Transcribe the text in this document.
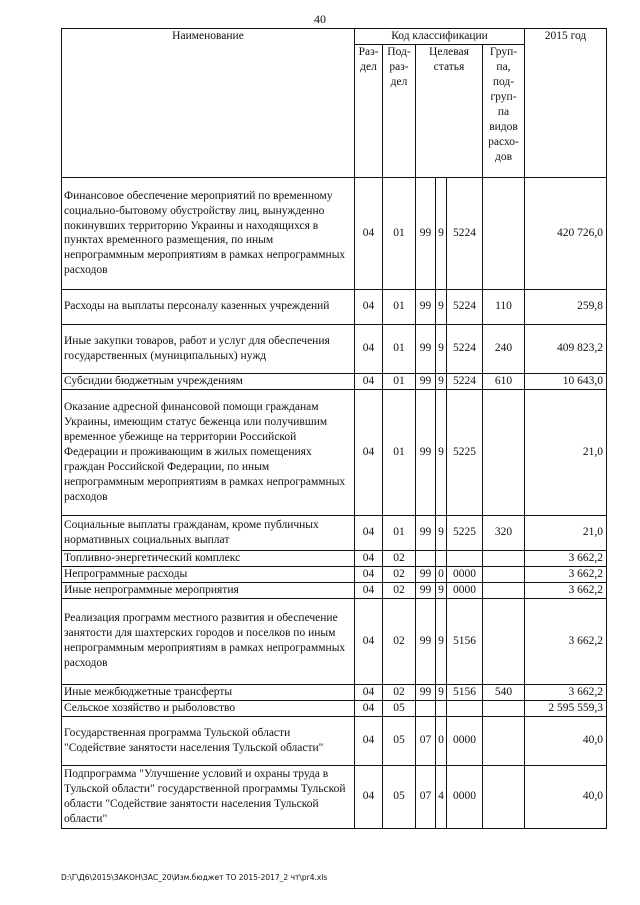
40
Наименование	Код классификации						2015 год
	Раз-дел	Под-раз-дел	Целевая статья			Груп-па, под-груп-па видов расхо-дов	
Финансовое обеспечение мероприятий по временному социально-бытовому обустройству лиц, вынужденно покинувших территорию Украины и находящихся в пунктах временного размещения, по иным непрограммным мероприятиям в рамках непрограммных расходов	04	01	99	9	5224		420 726,0
Расходы на выплаты персоналу казенных учреждений	04	01	99	9	5224	110	259,8
Иные закупки товаров, работ и услуг для обеспечения государственных (муниципальных) нужд	04	01	99	9	5224	240	409 823,2
Субсидии бюджетным учреждениям	04	01	99	9	5224	610	10 643,0
Оказание адресной финансовой помощи гражданам Украины, имеющим статус беженца или получившим временное убежище на территории Российской Федерации и проживающим в жилых помещениях граждан Российской Федерации, по иным непрограммным мероприятиям в рамках непрограммных расходов	04	01	99	9	5225		21,0
Социальные выплаты гражданам, кроме публичных нормативных социальных выплат	04	01	99	9	5225	320	21,0
Топливно-энергетический комплекс	04	02					3 662,2
Непрограммные расходы	04	02	99	0	0000		3 662,2
Иные непрограммные мероприятия	04	02	99	9	0000		3 662,2
Реализация программ местного развития и обеспечение занятости для шахтерских городов и поселков по иным непрограммным мероприятиям в рамках непрограммных расходов	04	02	99	9	5156		3 662,2
Иные межбюджетные трансферты	04	02	99	9	5156	540	3 662,2
Сельское хозяйство и рыболовство	04	05					2 595 559,3
Государственная программа Тульской области "Содействие занятости населения Тульской области"	04	05	07	0	0000		40,0
Подпрограмма "Улучшение условий и охраны труда в Тульской области" государственной программы Тульской области "Содействие занятости населения Тульской области"	04	05	07	4	0000		40,0
D:\Г\Д6\2015\ЗАКОН\ЗАС_20\Изм.бюджет ТО 2015-2017_2 чт\pr4.xls
